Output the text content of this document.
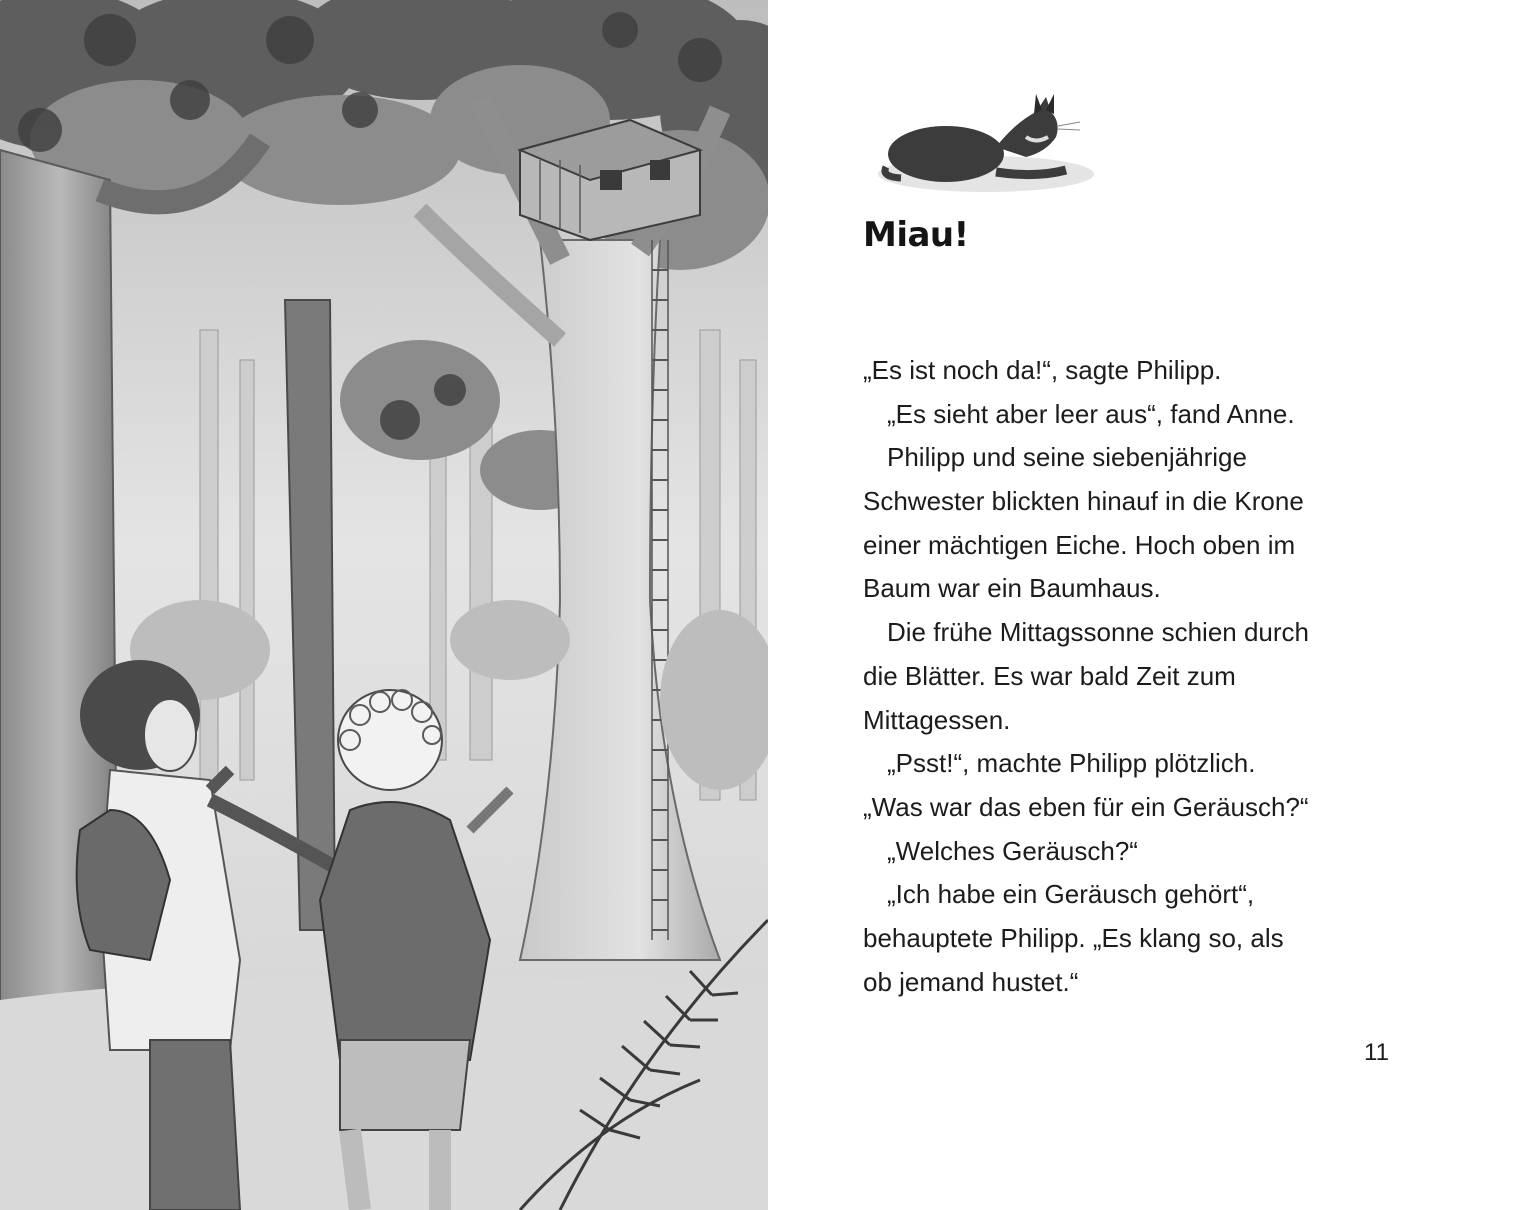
Miau!
„Es ist noch da!“, sagte Philipp.
„Es sieht aber leer aus“, fand Anne.
Philipp und seine siebenjährige
Schwester blickten hinauf in die Krone
einer mächtigen Eiche. Hoch oben im
Baum war ein Baumhaus.
Die frühe Mittagssonne schien durch
die Blätter. Es war bald Zeit zum
Mittagessen.
„Psst!“, machte Philipp plötzlich.
„Was war das eben für ein Geräusch?“
„Welches Geräusch?“
„Ich habe ein Geräusch gehört“,
behauptete Philipp. „Es klang so, als
ob jemand hustet.“
11
